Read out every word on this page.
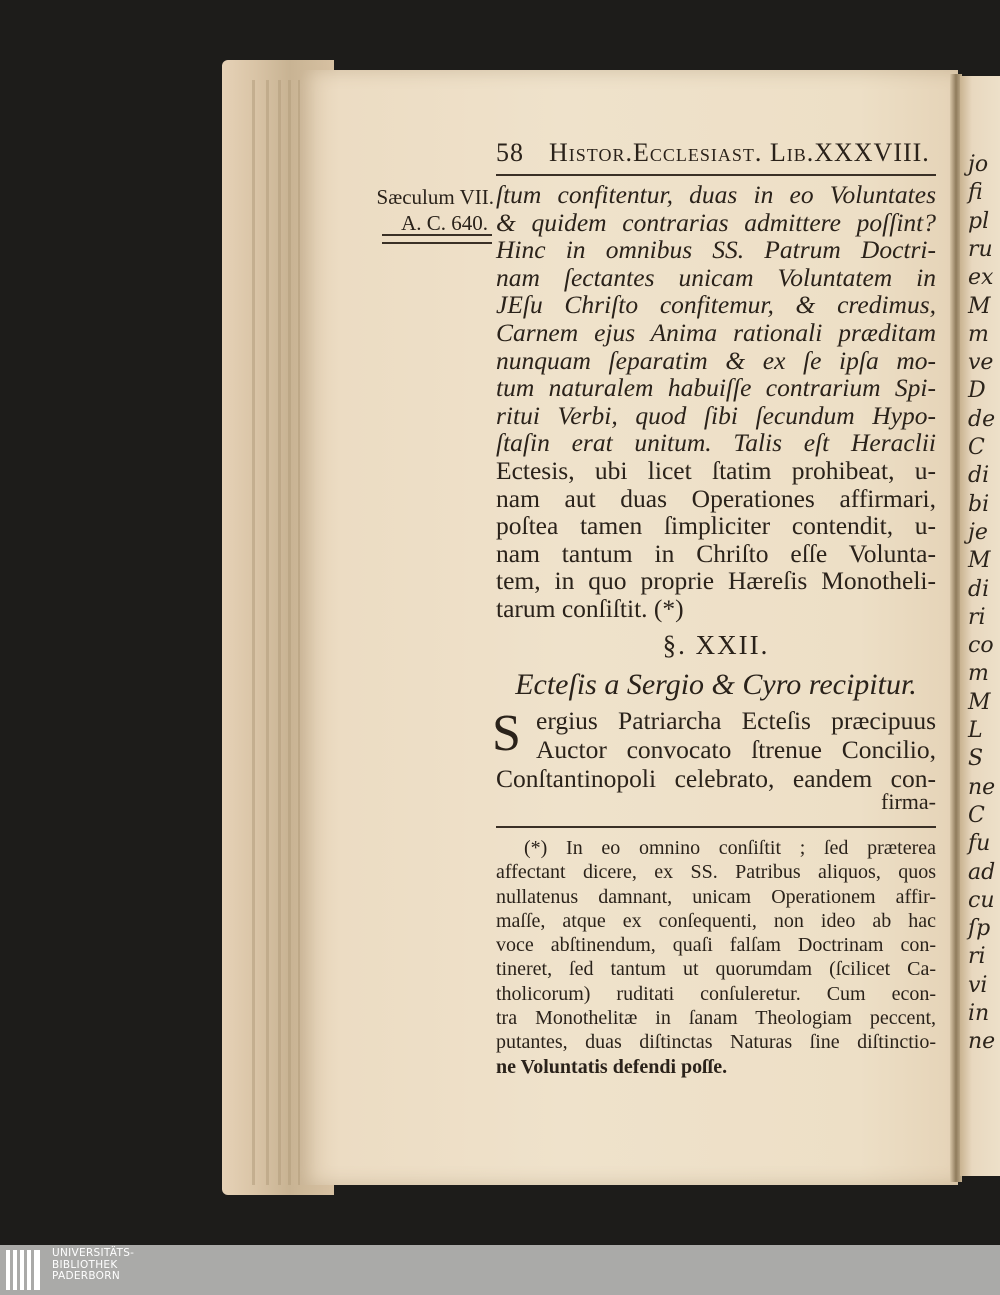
jo
fi
pl
ru
ex
M
m
ve
D
de
C
di
bi
je
M
di
ri
co
m
M
L
S
ne
C
fu
ad
cu
ſp
ri
vi
in
ne
58 Histor.Ecclesiast. Lib.XXXVIII.
Sæculum VII.
A. C. 640.
ſtum confitentur, duas in eo Voluntates
& quidem contrarias admittere poſſint?
Hinc in omnibus SS. Patrum Doctri-
nam ſectantes unicam Voluntatem in
JEſu Chriſto confitemur, & credimus,
Carnem ejus Anima rationali præditam
nunquam ſeparatim & ex ſe ipſa mo-
tum naturalem habuiſſe contrarium Spi-
ritui Verbi, quod ſibi ſecundum Hypo-
ſtaſin erat unitum. Talis eſt Heraclii
Ectesis, ubi licet ſtatim prohibeat, u-
nam aut duas Operationes affirmari,
poſtea tamen ſimpliciter contendit, u-
nam tantum in Chriſto eſſe Volunta-
tem, in quo proprie Hæreſis Monotheli-
tarum conſiſtit. (*)
§. XXII.
Ecteſis a Sergio & Cyro recipitur.
S ergius Patriarcha Ecteſis præcipuus
Auctor convocato ſtrenue Concilio,
Conſtantinopoli celebrato, eandem con-
firma-
(*) In eo omnino conſiſtit ; ſed præterea
affectant dicere, ex SS. Patribus aliquos, quos
nullatenus damnant, unicam Operationem affir-
maſſe, atque ex conſequenti, non ideo ab hac
voce abſtinendum, quaſi falſam Doctrinam con-
tineret, ſed tantum ut quorumdam (ſcilicet Ca-
tholicorum) ruditati conſuleretur. Cum econ-
tra Monothelitæ in ſanam Theologiam peccent,
putantes, duas diſtinctas Naturas ſine diſtinctio-
ne Voluntatis defendi poſſe.
UNIVERSITÄTS-
BIBLIOTHEK
PADERBORN
